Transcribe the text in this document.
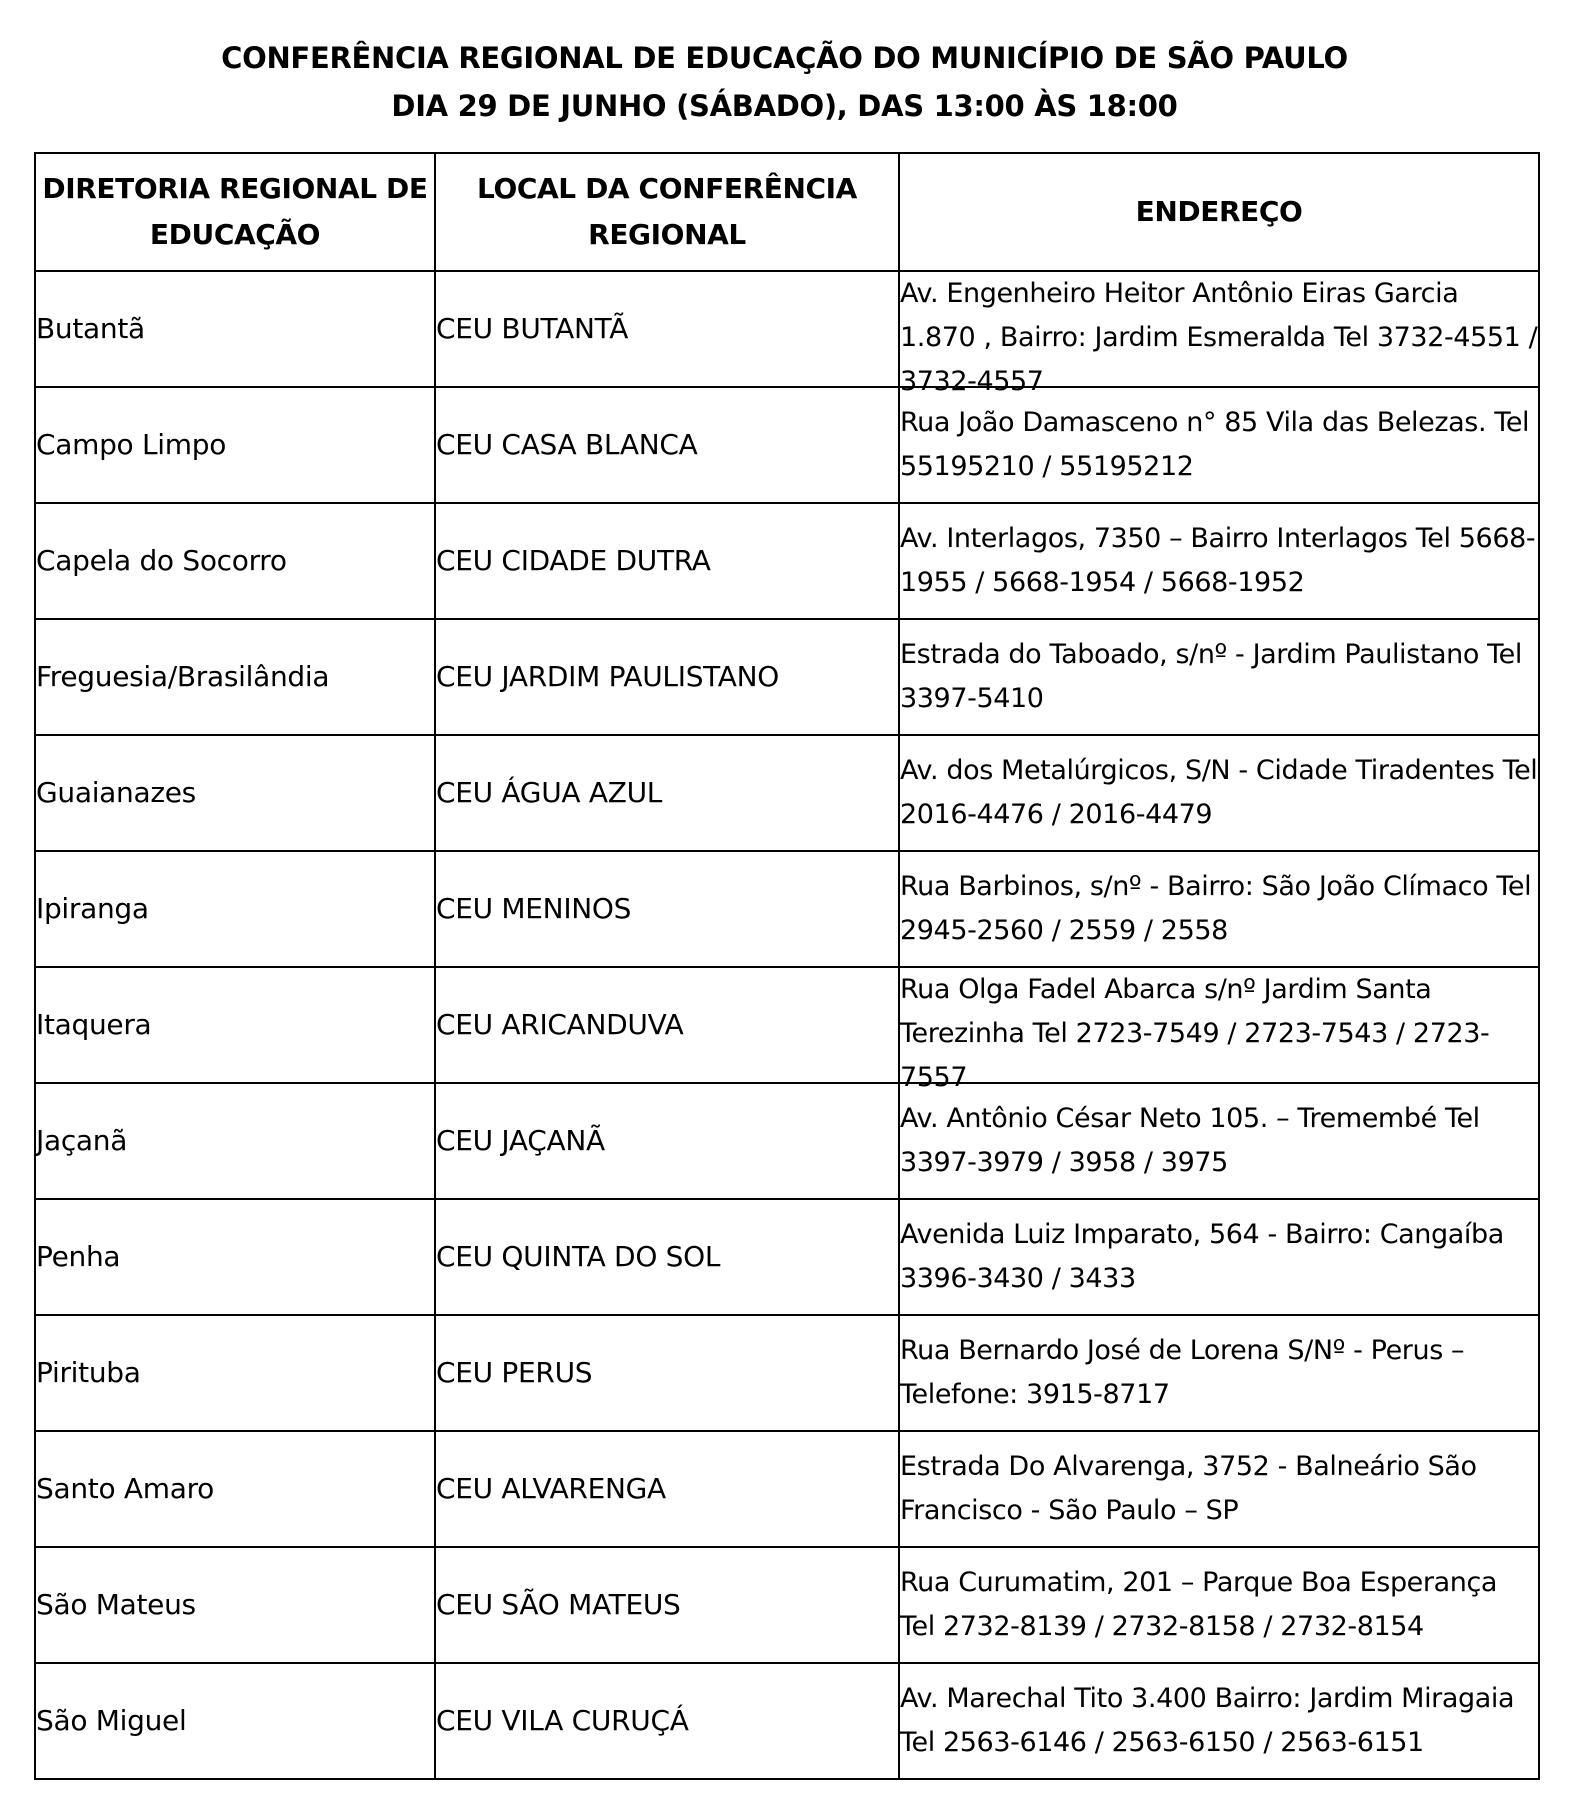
CONFERÊNCIA REGIONAL DE EDUCAÇÃO DO MUNICÍPIO DE SÃO PAULO
DIA 29 DE JUNHO (SÁBADO), DAS 13:00 ÀS 18:00
DIRETORIA REGIONAL DE EDUCAÇÃO	LOCAL DA CONFERÊNCIA REGIONAL	ENDEREÇO
Butantã	CEU BUTANTÃ	Av. Engenheiro Heitor Antônio Eiras Garcia 1.870 , Bairro: Jardim Esmeralda Tel 3732-4551 / 3732-4557

Campo Limpo	CEU CASA BLANCA	Rua João Damasceno n° 85 Vila das Belezas. Tel 55195210 / 55195212

Capela do Socorro	CEU CIDADE DUTRA	Av. Interlagos, 7350 – Bairro Interlagos Tel 5668-1955 / 5668-1954 / 5668-1952

Freguesia/Brasilândia	CEU JARDIM PAULISTANO	Estrada do Taboado, s/nº - Jardim Paulistano Tel 3397-5410

Guaianazes	CEU ÁGUA AZUL	Av. dos Metalúrgicos, S/N - Cidade Tiradentes Tel 2016-4476 / 2016-4479

Ipiranga	CEU MENINOS	Rua Barbinos, s/nº - Bairro: São João Clímaco Tel 2945-2560 / 2559 / 2558

Itaquera	CEU ARICANDUVA	Rua Olga Fadel Abarca s/nº Jardim Santa Terezinha Tel 2723-7549 / 2723-7543 / 2723-7557

Jaçanã	CEU JAÇANÃ	Av. Antônio César Neto 105. – Tremembé Tel 3397-3979 / 3958 / 3975

Penha	CEU QUINTA DO SOL	Avenida Luiz Imparato, 564 - Bairro: Cangaíba 3396-3430 / 3433

Pirituba	CEU PERUS	Rua Bernardo José de Lorena S/Nº - Perus – Telefone: 3915-8717

Santo Amaro	CEU ALVARENGA	Estrada Do Alvarenga, 3752 - Balneário São Francisco - São Paulo – SP

São Mateus	CEU SÃO MATEUS	Rua Curumatim, 201 – Parque Boa Esperança Tel 2732-8139 / 2732-8158 / 2732-8154

São Miguel	CEU VILA CURUÇÁ	Av. Marechal Tito 3.400 Bairro: Jardim Miragaia Tel 2563-6146 / 2563-6150 / 2563-6151
